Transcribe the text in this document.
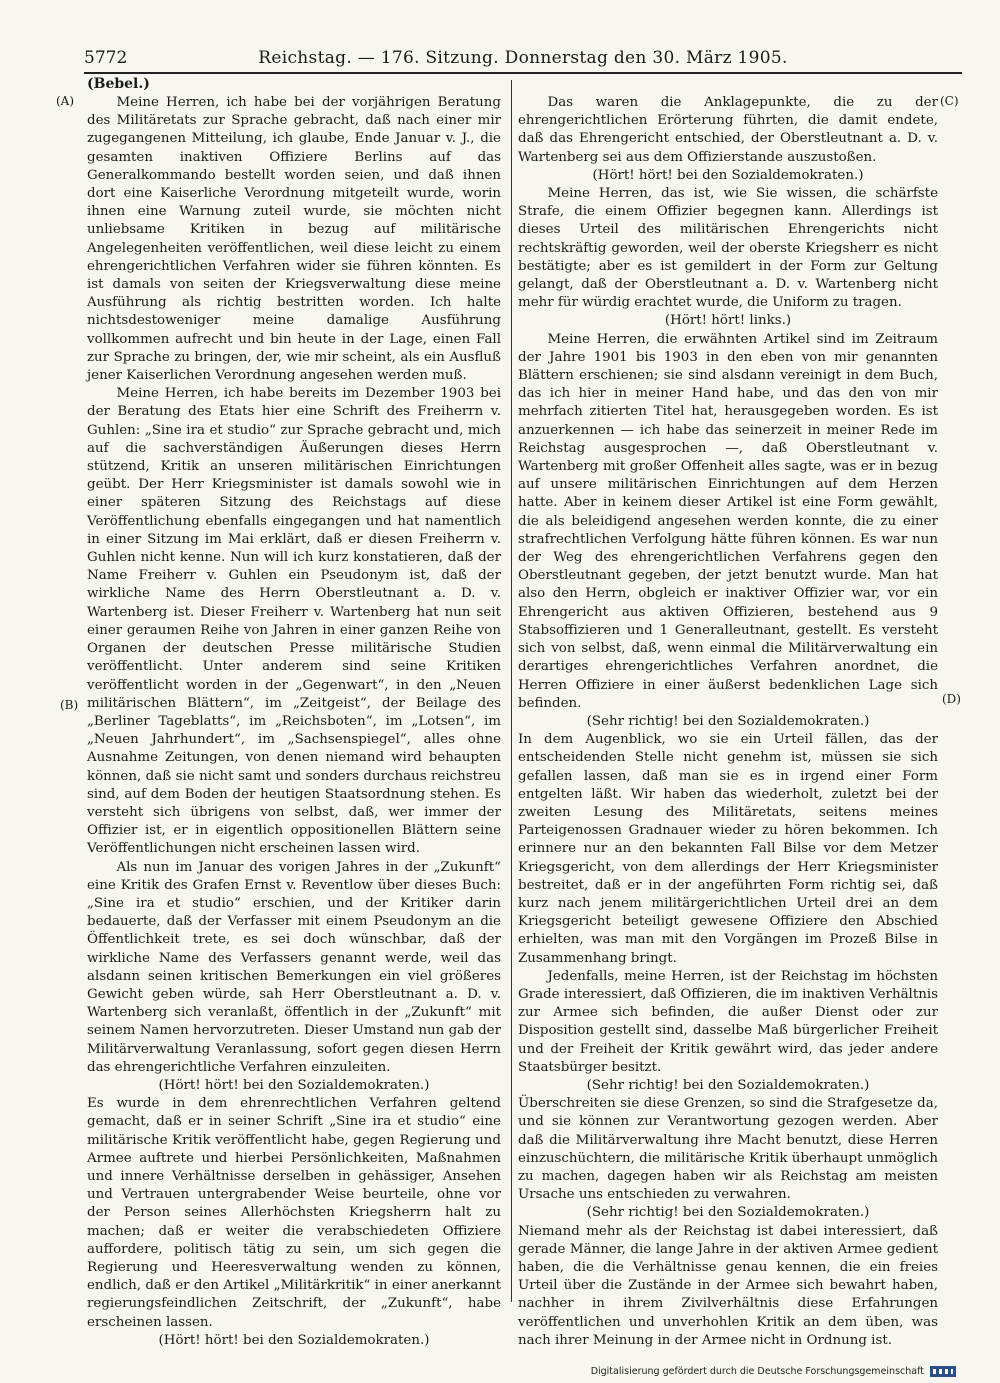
5772	Reichstag. — 176. Sitzung. Donnerstag den 30. März 1905.
(Bebel.)
(A)
(B)
(C)
(D)

Meine Herren, ich habe bei der vorjährigen Beratung des Militäretats zur Sprache gebracht, daß nach einer mir zugegangenen Mitteilung, ich glaube, Ende Januar v. J., die gesamten inaktiven Offiziere Berlins auf das Generalkommando bestellt worden seien, und daß ihnen dort eine Kaiserliche Verordnung mitgeteilt wurde, worin ihnen eine Warnung zuteil wurde, sie möchten nicht unliebsame Kritiken in bezug auf militärische Angelegenheiten veröffentlichen, weil diese leicht zu einem ehrengerichtlichen Verfahren wider sie führen könnten. Es ist damals von seiten der Kriegsverwaltung diese meine Ausführung als richtig bestritten worden. Ich halte nichtsdestoweniger meine damalige Ausführung vollkommen aufrecht und bin heute in der Lage, einen Fall zur Sprache zu bringen, der, wie mir scheint, als ein Ausfluß jener Kaiserlichen Verordnung angesehen werden muß.

Meine Herren, ich habe bereits im Dezember 1903 bei der Beratung des Etats hier eine Schrift des Freiherrn v. Guhlen: „Sine ira et studio“ zur Sprache gebracht und, mich auf die sachverständigen Äußerungen dieses Herrn stützend, Kritik an unseren militärischen Einrichtungen geübt. Der Herr Kriegsminister ist damals sowohl wie in einer späteren Sitzung des Reichstags auf diese Veröffentlichung ebenfalls eingegangen und hat namentlich in einer Sitzung im Mai erklärt, daß er diesen Freiherrn v. Guhlen nicht kenne. Nun will ich kurz konstatieren, daß der Name Freiherr v. Guhlen ein Pseudonym ist, daß der wirkliche Name des Herrn Oberstleutnant a. D. v. Wartenberg ist. Dieser Freiherr v. Wartenberg hat nun seit einer geraumen Reihe von Jahren in einer ganzen Reihe von Organen der deutschen Presse militärische Studien veröffentlicht. Unter anderem sind seine Kritiken veröffentlicht worden in der „Gegenwart“, in den „Neuen militärischen Blättern“, im „Zeitgeist“, der Beilage des „Berliner Tageblatts“, im „Reichsboten“, im „Lotsen“, im „Neuen Jahrhundert“, im „Sachsenspiegel“, alles ohne Ausnahme Zeitungen, von denen niemand wird behaupten können, daß sie nicht samt und sonders durchaus reichstreu sind, auf dem Boden der heutigen Staatsordnung stehen. Es versteht sich übrigens von selbst, daß, wer immer der Offizier ist, er in eigentlich oppositionellen Blättern seine Veröffentlichungen nicht erscheinen lassen wird.

Als nun im Januar des vorigen Jahres in der „Zukunft“ eine Kritik des Grafen Ernst v. Reventlow über dieses Buch: „Sine ira et studio“ erschien, und der Kritiker darin bedauerte, daß der Verfasser mit einem Pseudonym an die Öffentlichkeit trete, es sei doch wünschbar, daß der wirkliche Name des Verfassers genannt werde, weil das alsdann seinen kritischen Bemerkungen ein viel größeres Gewicht geben würde, sah Herr Oberstleutnant a. D. v. Wartenberg sich veranlaßt, öffentlich in der „Zukunft“ mit seinem Namen hervorzutreten. Dieser Umstand nun gab der Militärverwaltung Veranlassung, sofort gegen diesen Herrn das ehrengerichtliche Verfahren einzuleiten.

(Hört! hört! bei den Sozialdemokraten.)

Es wurde in dem ehrenrechtlichen Verfahren geltend gemacht, daß er in seiner Schrift „Sine ira et studio“ eine militärische Kritik veröffentlicht habe, gegen Regierung und Armee auftrete und hierbei Persönlichkeiten, Maßnahmen und innere Verhältnisse derselben in gehässiger, Ansehen und Vertrauen untergrabender Weise beurteile, ohne vor der Person seines Allerhöchsten Kriegsherrn halt zu machen; daß er weiter die verabschiedeten Offiziere auffordere, politisch tätig zu sein, um sich gegen die Regierung und Heeresverwaltung wenden zu können, endlich, daß er den Artikel „Militärkritik“ in einer anerkannt regierungsfeindlichen Zeitschrift, der „Zukunft“, habe erscheinen lassen.

(Hört! hört! bei den Sozialdemokraten.)

Das waren die Anklagepunkte, die zu der ehrengerichtlichen Erörterung führten, die damit endete, daß das Ehrengericht entschied, der Oberstleutnant a. D. v. Wartenberg sei aus dem Offizierstande auszustoßen.

(Hört! hört! bei den Sozialdemokraten.)

Meine Herren, das ist, wie Sie wissen, die schärfste Strafe, die einem Offizier begegnen kann. Allerdings ist dieses Urteil des militärischen Ehrengerichts nicht rechtskräftig geworden, weil der oberste Kriegsherr es nicht bestätigte; aber es ist gemildert in der Form zur Geltung gelangt, daß der Oberstleutnant a. D. v. Wartenberg nicht mehr für würdig erachtet wurde, die Uniform zu tragen.

(Hört! hört! links.)

Meine Herren, die erwähnten Artikel sind im Zeitraum der Jahre 1901 bis 1903 in den eben von mir genannten Blättern erschienen; sie sind alsdann vereinigt in dem Buch, das ich hier in meiner Hand habe, und das den von mir mehrfach zitierten Titel hat, herausgegeben worden. Es ist anzuerkennen — ich habe das seinerzeit in meiner Rede im Reichstag ausgesprochen —, daß Oberstleutnant v. Wartenberg mit großer Offenheit alles sagte, was er in bezug auf unsere militärischen Einrichtungen auf dem Herzen hatte. Aber in keinem dieser Artikel ist eine Form gewählt, die als beleidigend angesehen werden konnte, die zu einer strafrechtlichen Verfolgung hätte führen können. Es war nun der Weg des ehrengerichtlichen Verfahrens gegen den Oberstleutnant gegeben, der jetzt benutzt wurde. Man hat also den Herrn, obgleich er inaktiver Offizier war, vor ein Ehrengericht aus aktiven Offizieren, bestehend aus 9 Stabsoffizieren und 1 Generalleutnant, gestellt. Es versteht sich von selbst, daß, wenn einmal die Militärverwaltung ein derartiges ehrengerichtliches Verfahren anordnet, die Herren Offiziere in einer äußerst bedenklichen Lage sich befinden.

(Sehr richtig! bei den Sozialdemokraten.)

In dem Augenblick, wo sie ein Urteil fällen, das der entscheidenden Stelle nicht genehm ist, müssen sie sich gefallen lassen, daß man sie es in irgend einer Form entgelten läßt. Wir haben das wiederholt, zuletzt bei der zweiten Lesung des Militäretats, seitens meines Parteigenossen Gradnauer wieder zu hören bekommen. Ich erinnere nur an den bekannten Fall Bilse vor dem Metzer Kriegsgericht, von dem allerdings der Herr Kriegsminister bestreitet, daß er in der angeführten Form richtig sei, daß kurz nach jenem militärgerichtlichen Urteil drei an dem Kriegsgericht beteiligt gewesene Offiziere den Abschied erhielten, was man mit den Vorgängen im Prozeß Bilse in Zusammenhang bringt.

Jedenfalls, meine Herren, ist der Reichstag im höchsten Grade interessiert, daß Offizieren, die im inaktiven Verhältnis zur Armee sich befinden, die außer Dienst oder zur Disposition gestellt sind, dasselbe Maß bürgerlicher Freiheit und der Freiheit der Kritik gewährt wird, das jeder andere Staatsbürger besitzt.

(Sehr richtig! bei den Sozialdemokraten.)

Überschreiten sie diese Grenzen, so sind die Strafgesetze da, und sie können zur Verantwortung gezogen werden. Aber daß die Militärverwaltung ihre Macht benutzt, diese Herren einzuschüchtern, die militärische Kritik überhaupt unmöglich zu machen, dagegen haben wir als Reichstag am meisten Ursache uns entschieden zu verwahren.

(Sehr richtig! bei den Sozialdemokraten.)

Niemand mehr als der Reichstag ist dabei interessiert, daß gerade Männer, die lange Jahre in der aktiven Armee gedient haben, die die Verhältnisse genau kennen, die ein freies Urteil über die Zustände in der Armee sich bewahrt haben, nachher in ihrem Zivilverhältnis diese Erfahrungen veröffentlichen und unverhohlen Kritik an dem üben, was nach ihrer Meinung in der Armee nicht in Ordnung ist.

Digitalisierung gefördert durch die Deutsche Forschungsgemeinschaft
